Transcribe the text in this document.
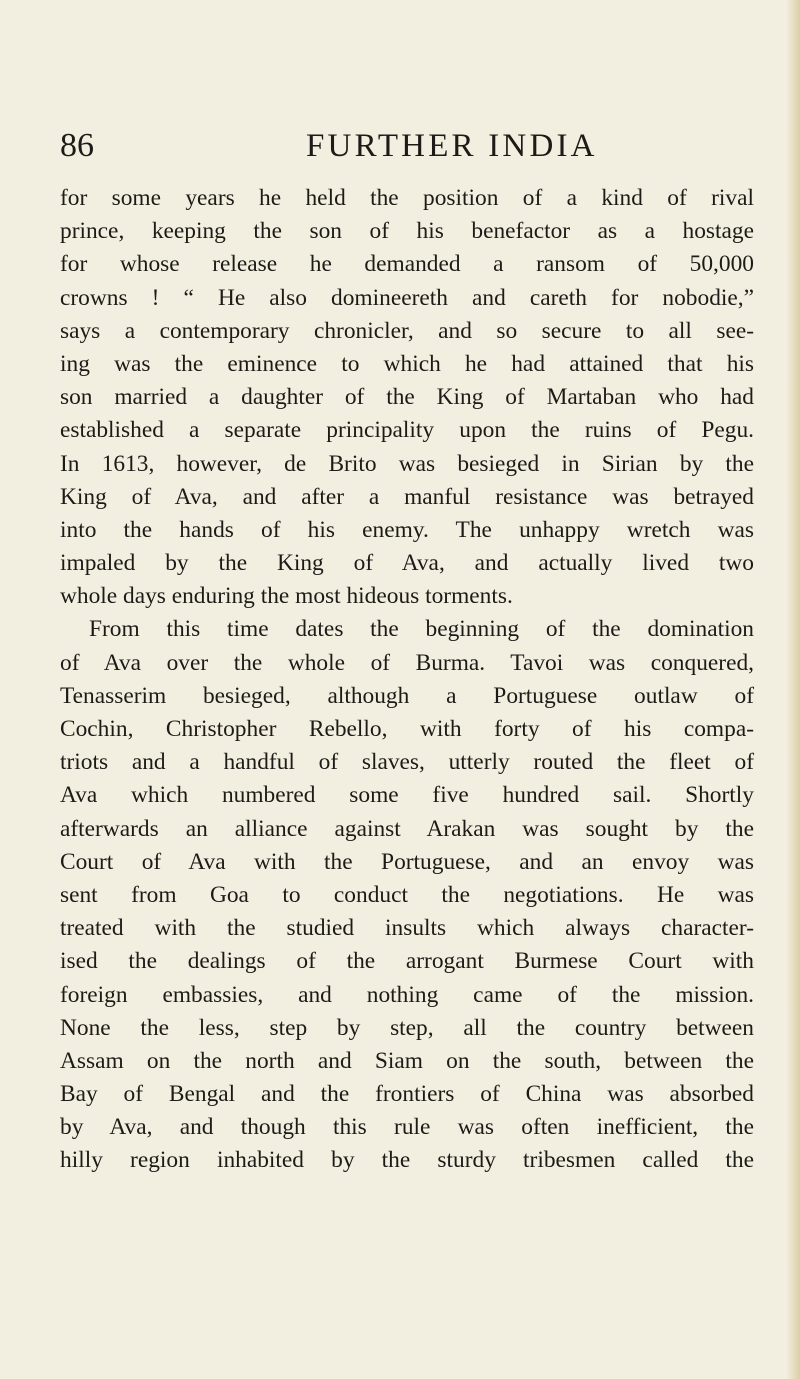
86	FURTHER INDIA
for some years he held the position of a kind of rival
prince, keeping the son of his benefactor as a hostage
for whose release he demanded a ransom of 50,000
crowns ! “ He also domineereth and careth for nobodie,”
says a contemporary chronicler, and so secure to all see-
ing was the eminence to which he had attained that his
son married a daughter of the King of Martaban who had
established a separate principality upon the ruins of Pegu.
In 1613, however, de Brito was besieged in Sirian by the
King of Ava, and after a manful resistance was betrayed
into the hands of his enemy. The unhappy wretch was
impaled by the King of Ava, and actually lived two
whole days enduring the most hideous torments.
From this time dates the beginning of the domination
of Ava over the whole of Burma. Tavoi was conquered,
Tenasserim besieged, although a Portuguese outlaw of
Cochin, Christopher Rebello, with forty of his compa-
triots and a handful of slaves, utterly routed the fleet of
Ava which numbered some five hundred sail. Shortly
afterwards an alliance against Arakan was sought by the
Court of Ava with the Portuguese, and an envoy was
sent from Goa to conduct the negotiations. He was
treated with the studied insults which always character-
ised the dealings of the arrogant Burmese Court with
foreign embassies, and nothing came of the mission.
None the less, step by step, all the country between
Assam on the north and Siam on the south, between the
Bay of Bengal and the frontiers of China was absorbed
by Ava, and though this rule was often inefficient, the
hilly region inhabited by the sturdy tribesmen called the
